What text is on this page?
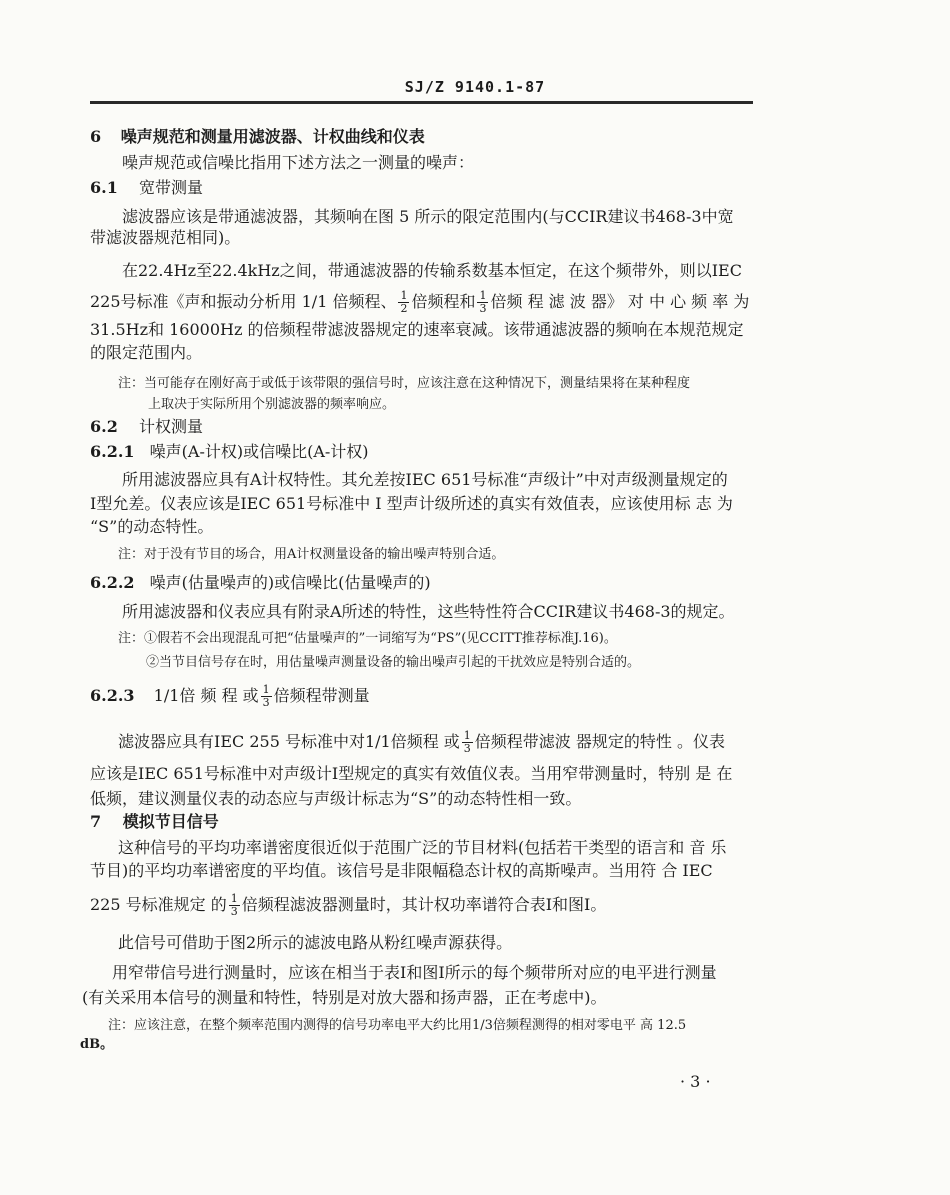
SJ/Z 9140.1-87
6 噪声规范和测量用滤波器、计权曲线和仪表
噪声规范或信噪比指用下述方法之一测量的噪声：
6.1 宽带测量
滤波器应该是带通滤波器，其频响在图 5 所示的限定范围内(与CCIR建议书468-3中宽
带滤波器规范相同)。
在22.4Hz至22.4kHz之间，带通滤波器的传输系数基本恒定，在这个频带外，则以IEC
225号标准《声和振动分析用 1/1 倍频程、 $\frac{1}{2}$ 倍频程和 $\frac{1}{3}$ 倍频 程 滤 波 器》 对 中 心 频 率 为
31.5Hz和 16000Hz 的倍频程带滤波器规定的速率衰减。该带通滤波器的频响在本规范规定
的限定范围内。
注：当可能存在刚好高于或低于该带限的强信号时，应该注意在这种情况下，测量结果将在某种程度
上取决于实际所用个别滤波器的频率响应。
6.2 计权测量
6.2.1 噪声(A-计权)或信噪比(A-计权)
所用滤波器应具有A计权特性。其允差按IEC 651号标准“声级计”中对声级测量规定的
I型允差。仪表应该是IEC 651号标准中 I 型声计级所述的真实有效值表，应该使用标 志 为
“S”的动态特性。
注：对于没有节目的场合，用A计权测量设备的输出噪声特别合适。
6.2.2 噪声(估量噪声的)或信噪比(估量噪声的)
所用滤波器和仪表应具有附录A所述的特性，这些特性符合CCIR建议书468-3的规定。
注：①假若不会出现混乱可把“估量噪声的”一词缩写为“PS”(见CCITT推荐标准J.16)。
②当节目信号存在时，用估量噪声测量设备的输出噪声引起的干扰效应是特别合适的。
6.2.3 1/1倍 频 程 或 $\frac{1}{3}$ 倍频程带测量
滤波器应具有IEC 255 号标准中对1/1倍频程 或 $\frac{1}{3}$ 倍频程带滤波 器规定的特性 。仪表
应该是IEC 651号标准中对声级计I型规定的真实有效值仪表。当用窄带测量时，特别 是 在
低频，建议测量仪表的动态应与声级计标志为“S”的动态特性相一致。
7 模拟节目信号
这种信号的平均功率谱密度很近似于范围广泛的节目材料(包括若干类型的语言和 音 乐
节目)的平均功率谱密度的平均值。该信号是非限幅稳态计权的高斯噪声。当用符 合 IEC
225 号标准规定 的 $\frac{1}{3}$ 倍频程滤波器测量时，其计权功率谱符合表I和图I。
此信号可借助于图2所示的滤波电路从粉红噪声源获得。
用窄带信号进行测量时，应该在相当于表I和图I所示的每个频带所对应的电平进行测量
(有关采用本信号的测量和特性，特别是对放大器和扬声器，正在考虑中)。
注：应该注意，在整个频率范围内测得的信号功率电平大约比用1/3倍频程测得的相对零电平 高 12.5
dB。
· 3 ·
